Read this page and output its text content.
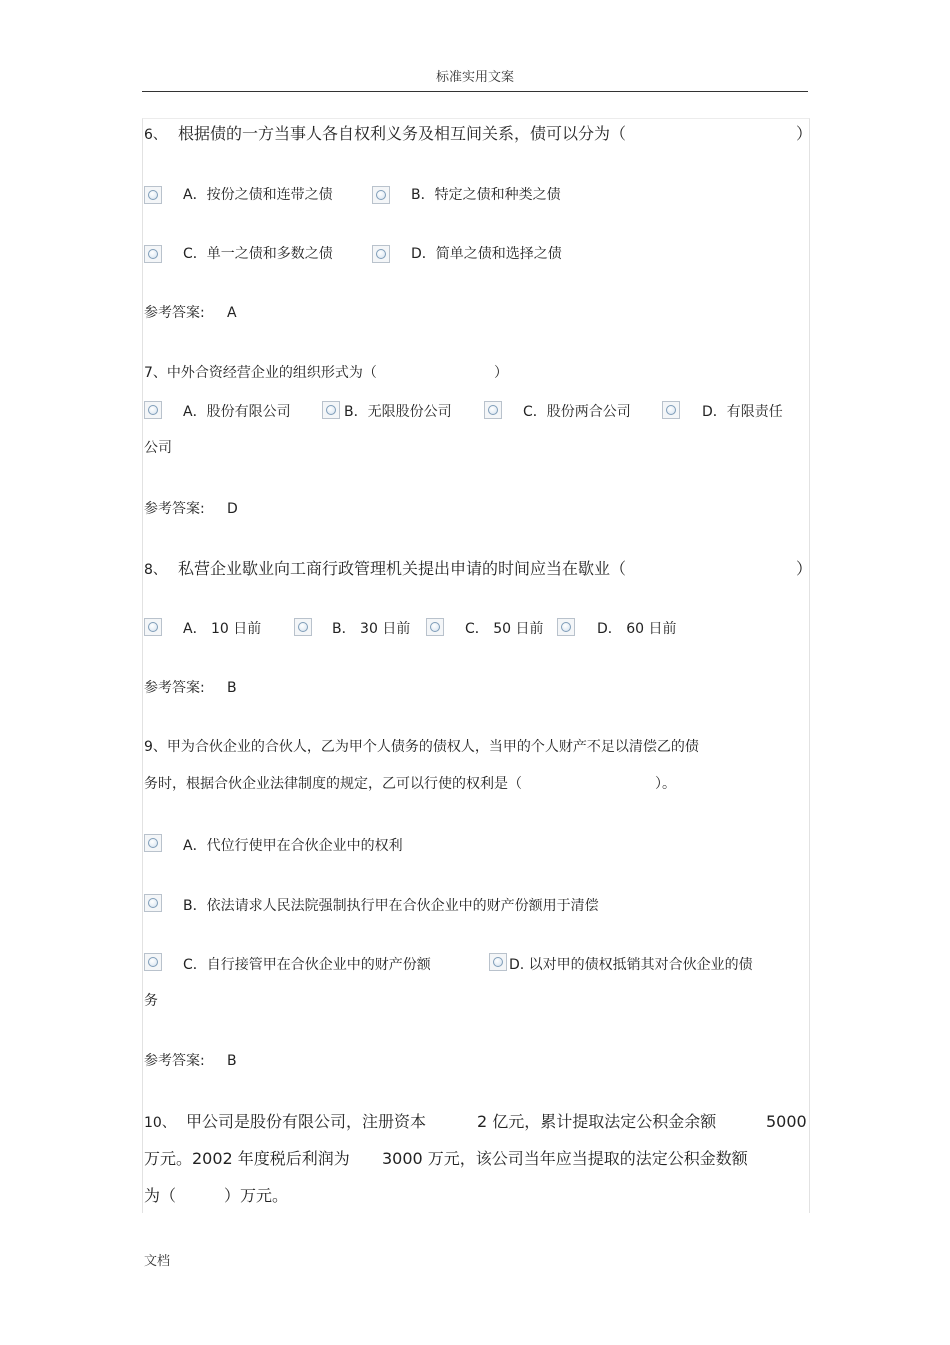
标准实用文案
6、 根据债的一方当事人各自权利义务及相互间关系，债可以分为（	）
A．按份之债和连带之债	B．特定之债和种类之债
C．单一之债和多数之债	D．简单之债和选择之债
参考答案: A
7、中外合资经营企业的组织形式为（	）
A．股份有限公司	B．无限股份公司	C．股份两合公司	D．有限责任
公司
参考答案: D
8、 私营企业歇业向工商行政管理机关提出申请的时间应当在歇业（	）
A． 10 日前	B． 30 日前	C． 50 日前	D． 60 日前
参考答案: B
9、甲为合伙企业的合伙人，乙为甲个人债务的债权人，当甲的个人财产不足以清偿乙的债
务时，根据合伙企业法律制度的规定，乙可以行使的权利是（	）。
A．代位行使甲在合伙企业中的权利
B．依法请求人民法院强制执行甲在合伙企业中的财产份额用于清偿
C．自行接管甲在合伙企业中的财产份额	D. 以对甲的债权抵销其对合伙企业的债
务
参考答案: B
10、 甲公司是股份有限公司，注册资本	2 亿元，累计提取法定公积金余额	5000
万元。2002 年度税后利润为 3000 万元，该公司当年应当提取的法定公积金数额
为（　　　）万元。
文档
